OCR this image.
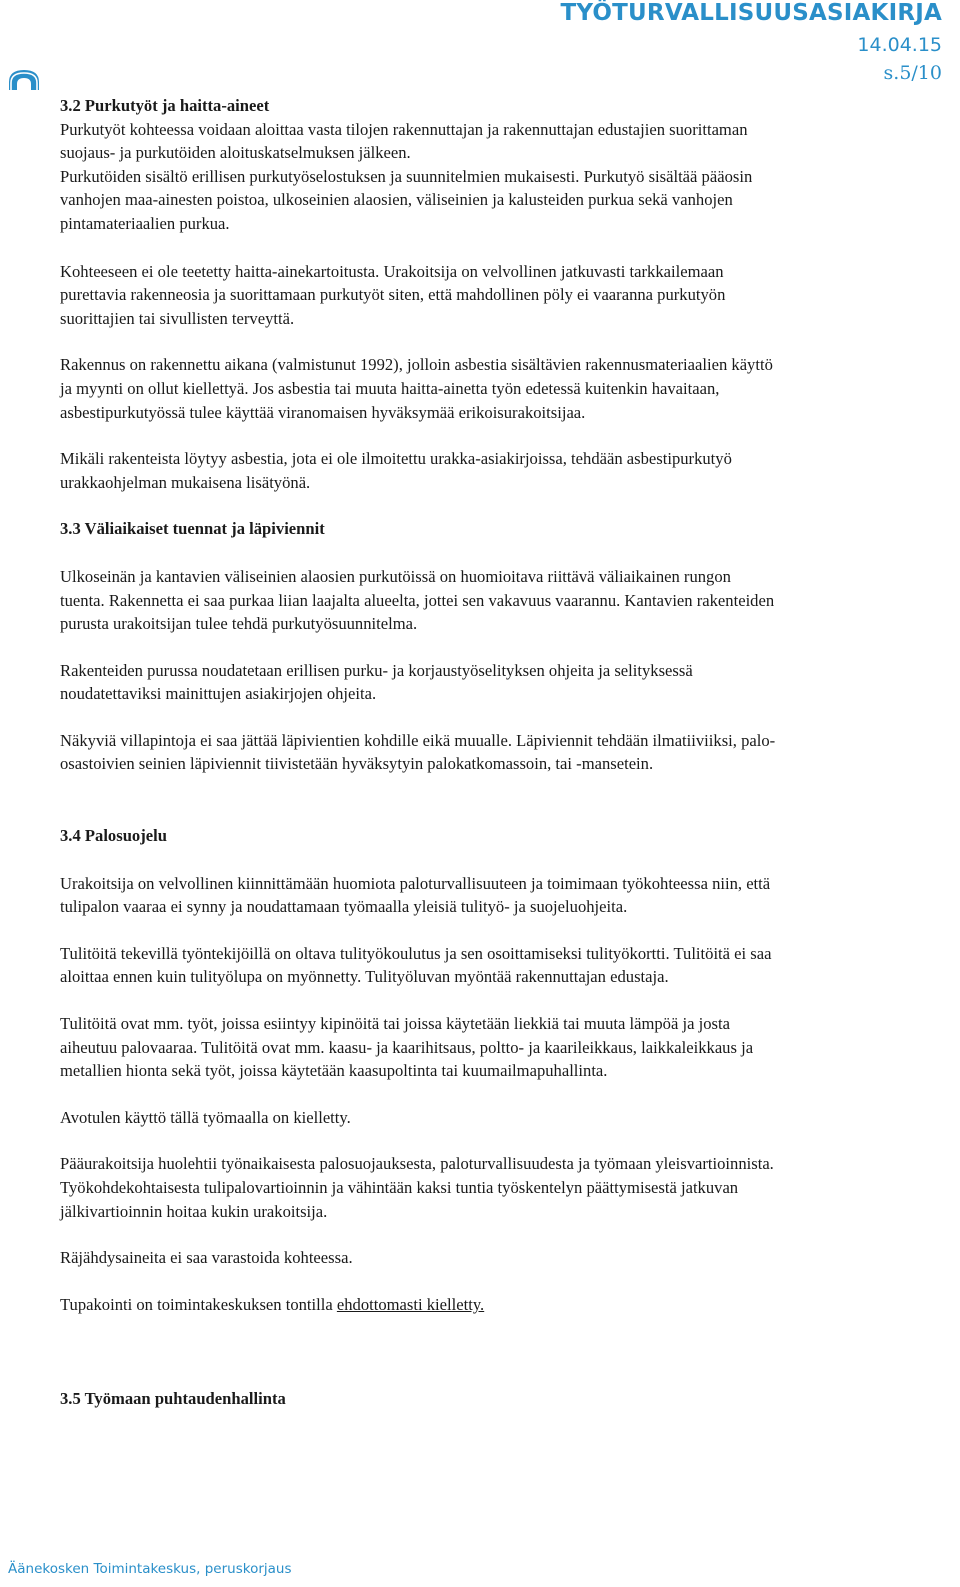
TYÖTURVALLISUUSASIAKIRJA
14.04.15
s.5/10

3.2 Purkutyöt ja haitta-aineet

Purkutyöt kohteessa voidaan aloittaa vasta tilojen rakennuttajan ja rakennuttajan edustajien suorittaman

suojaus- ja purkutöiden aloituskatselmuksen jälkeen.

Purkutöiden sisältö erillisen purkutyöselostuksen ja suunnitelmien mukaisesti. Purkutyö sisältää pääosin

vanhojen maa-ainesten poistoa, ulkoseinien alaosien, väliseinien ja kalusteiden purkua sekä vanhojen

pintamateriaalien purkua.

Kohteeseen ei ole teetetty haitta-ainekartoitusta. Urakoitsija on velvollinen jatkuvasti tarkkailemaan

purettavia rakenneosia ja suorittamaan purkutyöt siten, että mahdollinen pöly ei vaaranna purkutyön

suorittajien tai sivullisten terveyttä.

Rakennus on rakennettu aikana (valmistunut 1992), jolloin asbestia sisältävien rakennusmateriaalien käyttö

ja myynti on ollut kiellettyä. Jos asbestia tai muuta haitta-ainetta työn edetessä kuitenkin havaitaan,

asbestipurkutyössä tulee käyttää viranomaisen hyväksymää erikoisurakoitsijaa.

Mikäli rakenteista löytyy asbestia, jota ei ole ilmoitettu urakka-asiakirjoissa, tehdään asbestipurkutyö

urakkaohjelman mukaisena lisätyönä.

3.3 Väliaikaiset tuennat ja läpiviennit

Ulkoseinän ja kantavien väliseinien alaosien purkutöissä on huomioitava riittävä väliaikainen rungon

tuenta. Rakennetta ei saa purkaa liian laajalta alueelta, jottei sen vakavuus vaarannu. Kantavien rakenteiden

purusta urakoitsijan tulee tehdä purkutyösuunnitelma.

Rakenteiden purussa noudatetaan erillisen purku- ja korjaustyöselityksen ohjeita ja selityksessä

noudatettaviksi mainittujen asiakirjojen ohjeita.

Näkyviä villapintoja ei saa jättää läpivientien kohdille eikä muualle. Läpiviennit tehdään ilmatiiviiksi, palo-

osastoivien seinien läpiviennit tiivistetään hyväksytyin palokatkomassoin, tai -mansetein.

3.4 Palosuojelu

Urakoitsija on velvollinen kiinnittämään huomiota paloturvallisuuteen ja toimimaan työkohteessa niin, että

tulipalon vaaraa ei synny ja noudattamaan työmaalla yleisiä tulityö- ja suojeluohjeita.

Tulitöitä tekevillä työntekijöillä on oltava tulityökoulutus ja sen osoittamiseksi tulityökortti. Tulitöitä ei saa

aloittaa ennen kuin tulityölupa on myönnetty. Tulityöluvan myöntää rakennuttajan edustaja.

Tulitöitä ovat mm. työt, joissa esiintyy kipinöitä tai joissa käytetään liekkiä tai muuta lämpöä ja josta

aiheutuu palovaaraa. Tulitöitä ovat mm. kaasu- ja kaarihitsaus, poltto- ja kaarileikkaus, laikkaleikkaus ja

metallien hionta sekä työt, joissa käytetään kaasupoltinta tai kuumailmapuhallinta.

Avotulen käyttö tällä työmaalla on kielletty.

Pääurakoitsija huolehtii työnaikaisesta palosuojauksesta, paloturvallisuudesta ja työmaan yleisvartioinnista.

Työkohdekohtaisesta tulipalovartioinnin ja vähintään kaksi tuntia työskentelyn päättymisestä jatkuvan

jälkivartioinnin hoitaa kukin urakoitsija.

Räjähdysaineita ei saa varastoida kohteessa.

Tupakointi on toimintakeskuksen tontilla ehdottomasti kielletty.

3.5 Työmaan puhtaudenhallinta

Äänekosken Toimintakeskus, peruskorjaus
